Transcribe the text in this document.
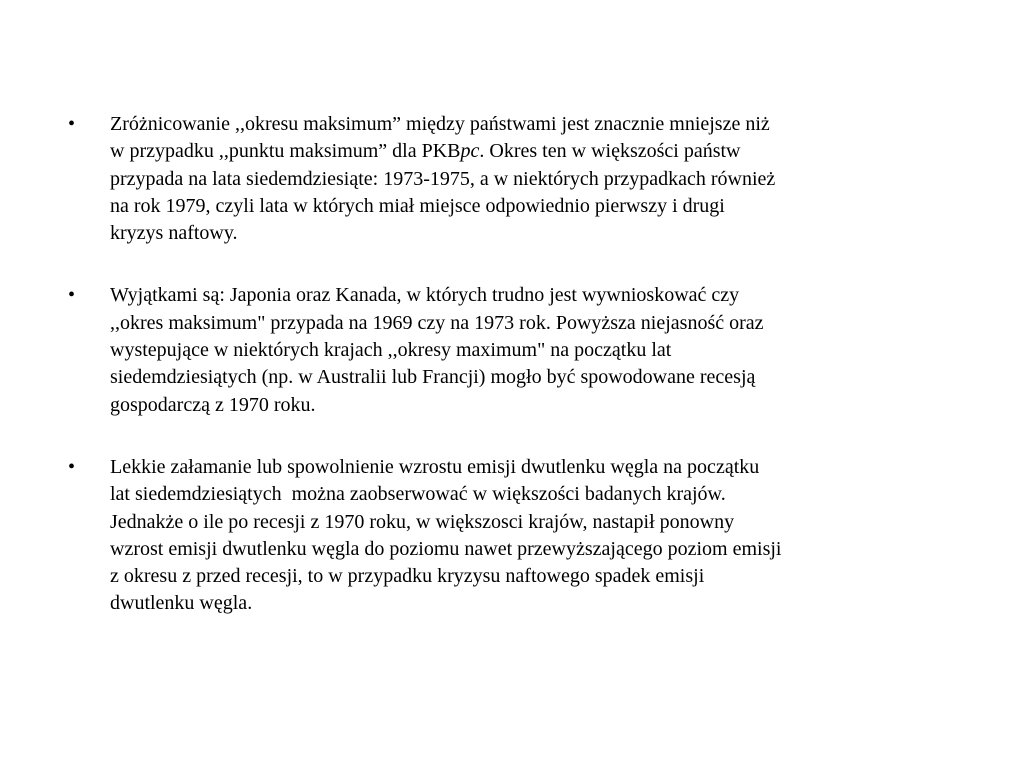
•	Zróżnicowanie ,,okresu maksimum” między państwami jest znacznie mniejsze niż
w przypadku ,,punktu maksimum” dla PKBpc. Okres ten w większości państw
przypada na lata siedemdziesiąte: 1973-1975, a w niektórych przypadkach również
na rok 1979, czyli lata w których miał miejsce odpowiednio pierwszy i drugi
kryzys naftowy.
•	Wyjątkami są: Japonia oraz Kanada, w których trudno jest wywnioskować czy
,,okres maksimum" przypada na 1969 czy na 1973 rok. Powyższa niejasność oraz
wystepujące w niektórych krajach ,,okresy maximum" na początku lat
siedemdziesiątych (np. w Australii lub Francji) mogło być spowodowane recesją
gospodarczą z 1970 roku.
•	Lekkie załamanie lub spowolnienie wzrostu emisji dwutlenku węgla na początku
lat siedemdziesiątych  można zaobserwować w większości badanych krajów.
Jednakże o ile po recesji z 1970 roku, w większosci krajów, nastapił ponowny
wzrost emisji dwutlenku węgla do poziomu nawet przewyższającego poziom emisji
z okresu z przed recesji, to w przypadku kryzysu naftowego spadek emisji
dwutlenku węgla.
